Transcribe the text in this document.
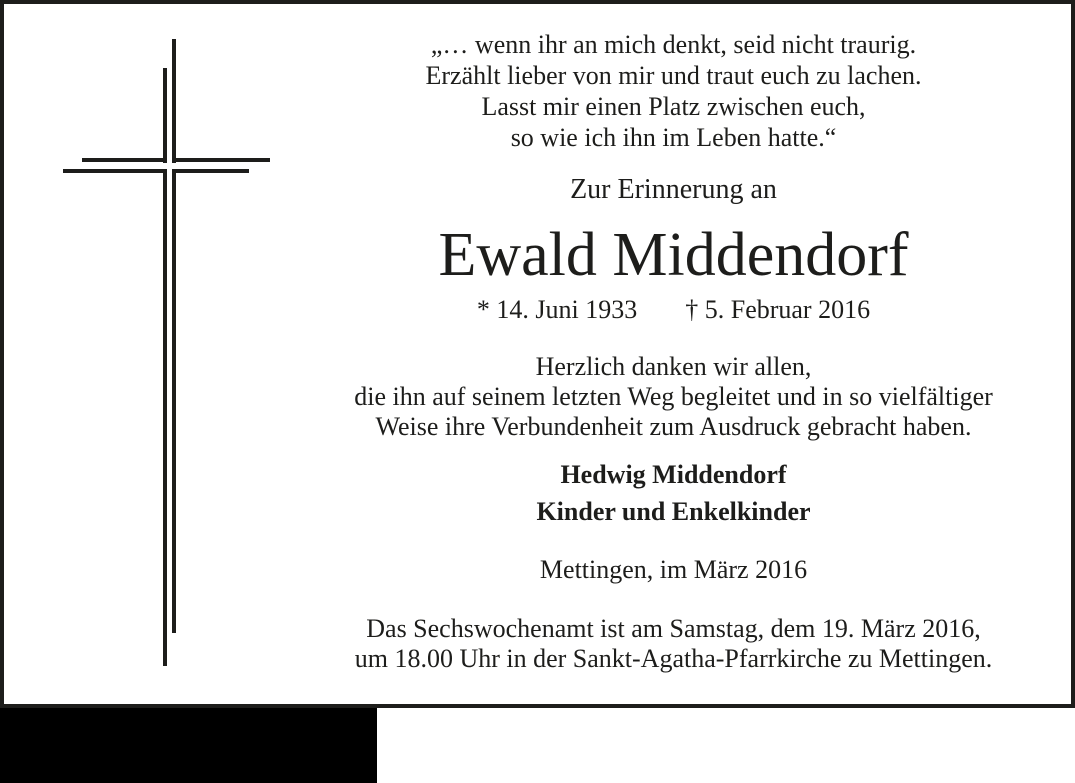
„… wenn ihr an mich denkt, seid nicht traurig.
Erzählt lieber von mir und traut euch zu lachen.
Lasst mir einen Platz zwischen euch,
so wie ich ihn im Leben hatte.“
Zur Erinnerung an
Ewald Middendorf
* 14. Juni 1933 † 5. Februar 2016
Herzlich danken wir allen,
die ihn auf seinem letzten Weg begleitet und in so vielfältiger
Weise ihre Verbundenheit zum Ausdruck gebracht haben.
Hedwig Middendorf
Kinder und Enkelkinder
Mettingen, im März 2016
Das Sechswochenamt ist am Samstag, dem 19. März 2016,
um 18.00 Uhr in der Sankt-Agatha-Pfarrkirche zu Mettingen.
